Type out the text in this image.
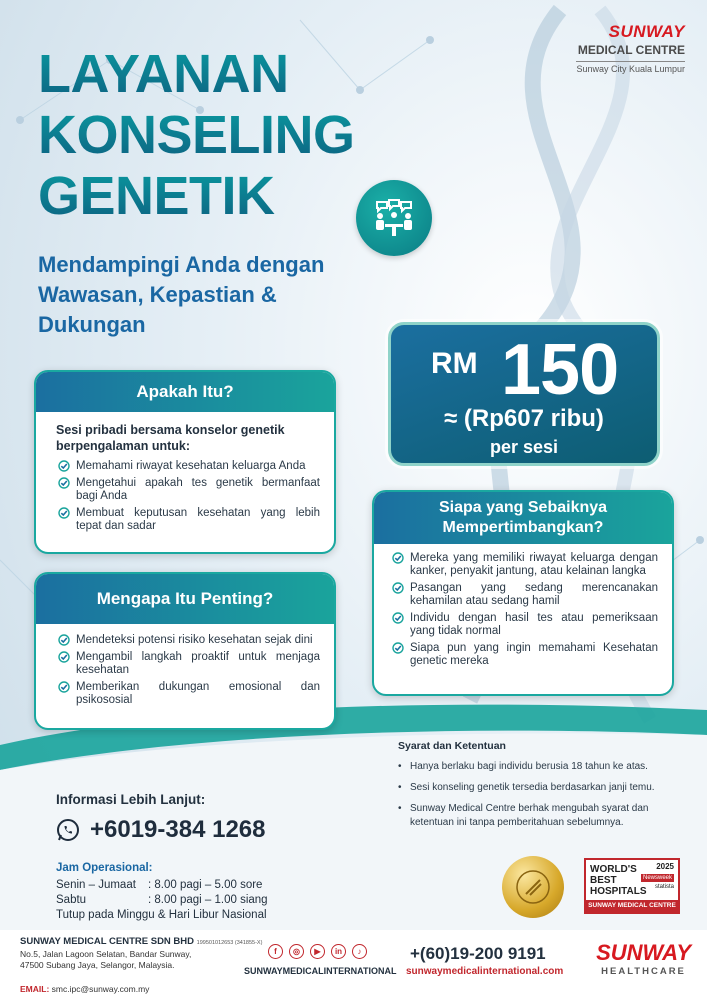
SUNWAY
MEDICAL CENTRE
Sunway City Kuala Lumpur
LAYANAN
KONSELING
GENETIK
Mendampingi Anda dengan
Wawasan, Kepastian &
Dukungan
RM 150
≈ (Rp607 ribu)
per sesi
Apakah Itu?
Sesi pribadi bersama konselor genetik berpengalaman untuk:
Memahami riwayat kesehatan keluarga Anda
Mengetahui apakah tes genetik bermanfaat bagi Anda
Membuat keputusan kesehatan yang lebih tepat dan sadar
Mengapa Itu Penting?
Mendeteksi potensi risiko kesehatan sejak dini
Mengambil langkah proaktif untuk menjaga kesehatan
Memberikan dukungan emosional dan psikososial
Siapa yang Sebaiknya
Mempertimbangkan?
Mereka yang memiliki riwayat keluarga dengan kanker, penyakit jantung, atau kelainan langka
Pasangan yang sedang merencanakan kehamilan atau sedang hamil
Individu dengan hasil tes atau pemeriksaan yang tidak normal
Siapa pun yang ingin memahami Kesehatan genetic mereka
Informasi Lebih Lanjut:
+6019-384 1268
Jam Operasional:
Senin – Jumaat	: 8.00 pagi – 5.00 sore
Sabtu	: 8.00 pagi – 1.00 siang
Tutup pada Minggu & Hari Libur Nasional
Syarat dan Ketentuan
• Hanya berlaku bagi individu berusia 18 tahun ke atas.
• Sesi konseling genetik tersedia berdasarkan janji temu.
• Sunway Medical Centre berhak mengubah syarat dan ketentuan ini tanpa pemberitahuan sebelumnya.
WORLD'S
BEST
HOSPITALS
2025
Newsweek
statista
SUNWAY MEDICAL CENTRE
SUNWAY MEDICAL CENTRE SDN BHD 199501012653 (341855-X)
No.5, Jalan Lagoon Selatan, Bandar Sunway,
47500 Subang Jaya, Selangor, Malaysia.
EMAIL: smc.ipc@sunway.com.my
f	◎	▶	in	♪
SUNWAYMEDICALINTERNATIONAL
+(60)19-200 9191
sunwaymedicalinternational.com
SUNWAY
HEALTHCARE
